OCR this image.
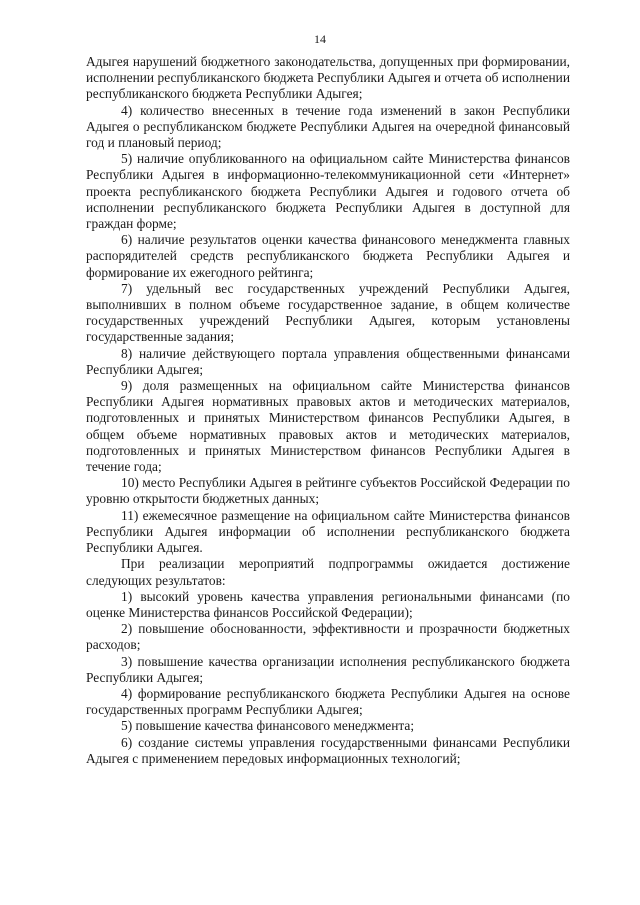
14

Адыгея нарушений бюджетного законодательства, допущенных при формировании, исполнении республиканского бюджета Республики Адыгея и отчета об исполнении республиканского бюджета Республики Адыгея;

4) количество внесенных в течение года изменений в закон Республики Адыгея о республиканском бюджете Республики Адыгея на очередной финансовый год и плановый период;

5) наличие опубликованного на официальном сайте Министерства финансов Республики Адыгея в информационно-телекоммуникационной сети «Интернет» проекта республиканского бюджета Республики Адыгея и годового отчета об исполнении республиканского бюджета Республики Адыгея в доступной для граждан форме;

6) наличие результатов оценки качества финансового менеджмента главных распорядителей средств республиканского бюджета Республики Адыгея и формирование их ежегодного рейтинга;

7) удельный вес государственных учреждений Республики Адыгея, выполнивших в полном объеме государственное задание, в общем количестве государственных учреждений Республики Адыгея, которым установлены государственные задания;

8) наличие действующего портала управления общественными финансами Республики Адыгея;

9) доля размещенных на официальном сайте Министерства финансов Республики Адыгея нормативных правовых актов и методических материалов, подготовленных и принятых Министерством финансов Республики Адыгея, в общем объеме нормативных правовых актов и методических материалов, подготовленных и принятых Министерством финансов Республики Адыгея в течение года;

10) место Республики Адыгея в рейтинге субъектов Российской Федерации по уровню открытости бюджетных данных;

11) ежемесячное размещение на официальном сайте Министерства финансов Республики Адыгея информации об исполнении республиканского бюджета Республики Адыгея.

При реализации мероприятий подпрограммы ожидается достижение следующих результатов:

1) высокий уровень качества управления региональными финансами (по оценке Министерства финансов Российской Федерации);

2) повышение обоснованности, эффективности и прозрачности бюджетных расходов;

3) повышение качества организации исполнения республиканского бюджета Республики Адыгея;

4) формирование республиканского бюджета Республики Адыгея на основе государственных программ Республики Адыгея;

5) повышение качества финансового менеджмента;

6) создание системы управления государственными финансами Республики Адыгея с применением передовых информационных технологий;
